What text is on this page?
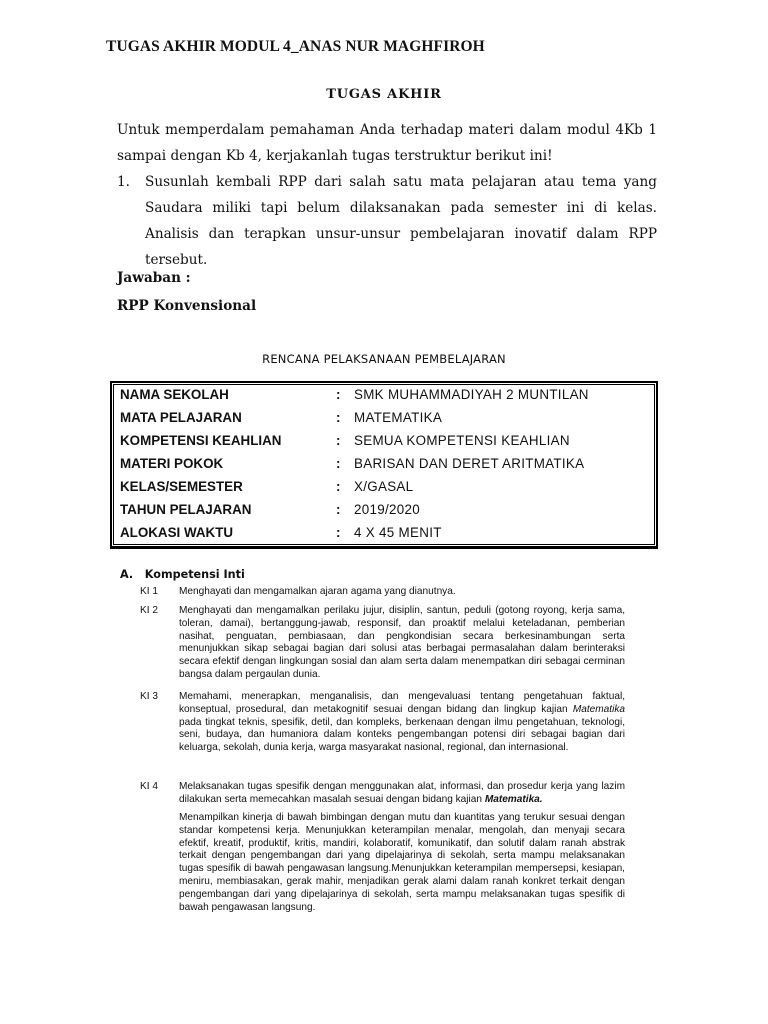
TUGAS AKHIR MODUL 4_ANAS NUR MAGHFIROH
TUGAS AKHIR
Untuk memperdalam pemahaman Anda terhadap materi dalam modul 4Kb 1 sampai dengan Kb 4, kerjakanlah tugas terstruktur berikut ini!
1. Susunlah kembali RPP dari salah satu mata pelajaran atau tema yang Saudara miliki tapi belum dilaksanakan pada semester ini di kelas. Analisis dan terapkan unsur-unsur pembelajaran inovatif dalam RPP tersebut.
Jawaban :
RPP Konvensional
RENCANA PELAKSANAAN PEMBELAJARAN
NAMA SEKOLAH	: SMK MUHAMMADIYAH 2 MUNTILAN
MATA PELAJARAN	: MATEMATIKA
KOMPETENSI KEAHLIAN	: SEMUA KOMPETENSI KEAHLIAN
MATERI POKOK	: BARISAN DAN DERET ARITMATIKA
KELAS/SEMESTER	: X/GASAL
TAHUN PELAJARAN	: 2019/2020
ALOKASI WAKTU	: 4 X 45 MENIT
A.   Kompetensi Inti
KI 1 Menghayati dan mengamalkan ajaran agama yang dianutnya.
KI 2 Menghayati dan mengamalkan perilaku jujur, disiplin, santun, peduli (gotong royong, kerja sama, toleran, damai), bertanggung-jawab, responsif, dan proaktif melalui keteladanan, pemberian nasihat, penguatan, pembiasaan, dan pengkondisian secara berkesinambungan serta menunjukkan sikap sebagai bagian dari solusi atas berbagai permasalahan dalam berinteraksi secara efektif dengan lingkungan sosial dan alam serta dalam menempatkan diri sebagai cerminan bangsa dalam pergaulan dunia.
KI 3 Memahami, menerapkan, menganalisis, dan mengevaluasi tentang pengetahuan faktual, konseptual, prosedural, dan metakognitif sesuai dengan bidang dan lingkup kajian Matematika pada tingkat teknis, spesifik, detil, dan kompleks, berkenaan dengan ilmu pengetahuan, teknologi, seni, budaya, dan humaniora dalam konteks pengembangan potensi diri sebagai bagian dari keluarga, sekolah, dunia kerja, warga masyarakat nasional, regional, dan internasional.
KI 4 Melaksanakan tugas spesifik dengan menggunakan alat, informasi, dan prosedur kerja yang lazim dilakukan serta memecahkan masalah sesuai dengan bidang kajian Matematika.
Menampilkan kinerja di bawah bimbingan dengan mutu dan kuantitas yang terukur sesuai dengan standar kompetensi kerja. Menunjukkan keterampilan menalar, mengolah, dan menyaji secara efektif, kreatif, produktif, kritis, mandiri, kolaboratif, komunikatif, dan solutif dalam ranah abstrak terkait dengan pengembangan dari yang dipelajarinya di sekolah, serta mampu melaksanakan tugas spesifik di bawah pengawasan langsung.Menunjukkan keterampilan mempersepsi, kesiapan, meniru, membiasakan, gerak mahir, menjadikan gerak alami dalam ranah konkret terkait dengan pengembangan dari yang dipelajarinya di sekolah, serta mampu melaksanakan tugas spesifik di bawah pengawasan langsung.
